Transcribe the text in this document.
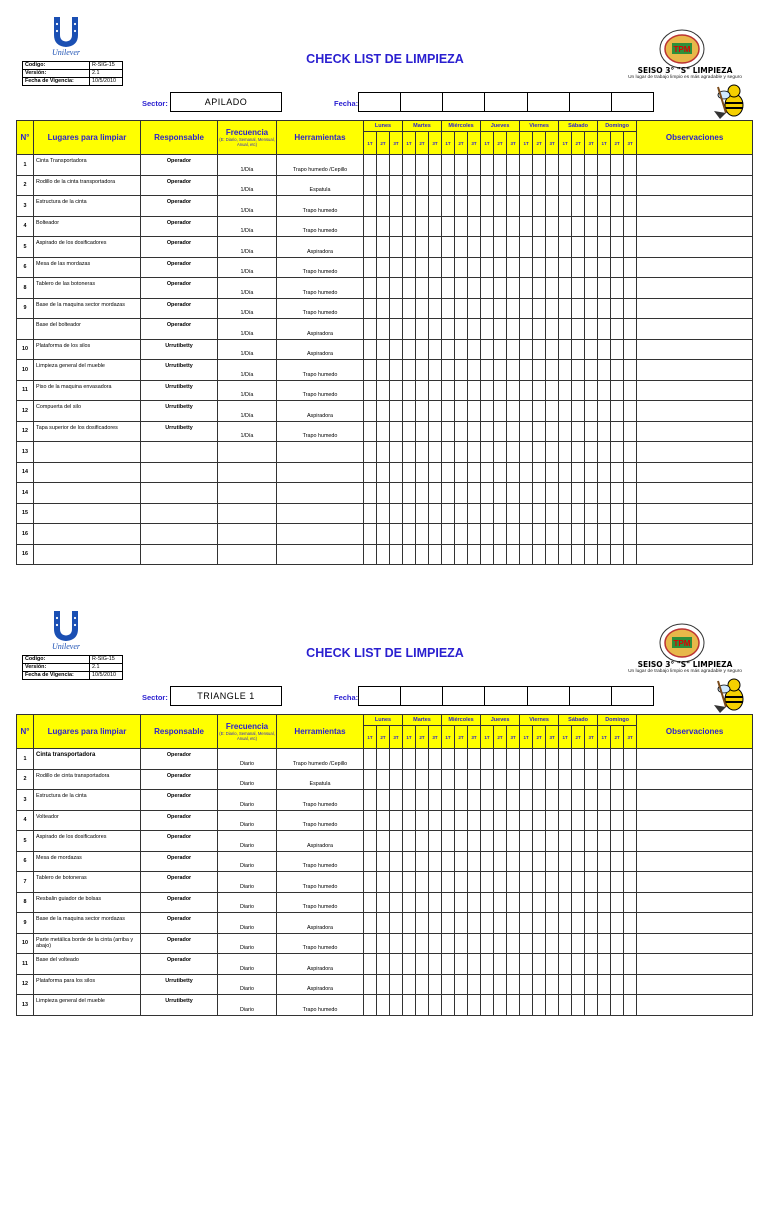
Unilever
Codigo:	R-SIG-15
Versión:	2.1
Fecha de Vigencia:	10/5/2010
CHECK LIST DE LIMPIEZA
TPM
SEISO 3° "S" LIMPIEZA
Un lugar de trabajo limpio es más agradable y seguro
Sector:	APILADO	Fecha:
N°	Lugares para limpiar	Responsable	Frecuencia
(E: Diario, Semanal, Mensual, Anual, etc)	Herramientas	Lunes			Martes			Miércoles			Jueves			Viernes			Sábado			Domingo			Observaciones
					1T	2T	3T	1T	2T	3T	1T	2T	3T	1T	2T	3T	1T	2T	3T	1T	2T	3T	1T	2T	3T	
1	Cinta Transportadora	Operador	1/Día	Trapo humedo /Cepillo																						
2	Rodillo de la cinta transportadora	Operador	1/Día	Espatula																						
3	Estructura de la cinta	Operador	1/Día	Trapo humedo																						
4	Bolteador	Operador	1/Día	Trapo humedo																						
5	Aspirado de los dosificadores	Operador	1/Día	Aspiradora																						
6	Mesa de las mordazas	Operador	1/Día	Trapo humedo																						
8	Tablero de las botoneras	Operador	1/Día	Trapo humedo																						
9	Base de la maquina sector mordazas	Operador	1/Día	Trapo humedo																						
	Base del bolteador	Operador	1/Día	Aspiradora																						
10	Plataforma de los silos	Urrutibetty	1/Día	Aspiradora																						
10	Limpieza general del mueble	Urrutibetty	1/Día	Trapo humedo																						
11	Piso de la maquina envasadora	Urrutibetty	1/Día	Trapo humedo																						
12	Compuerta del silo	Urrutibetty	1/Día	Aspiradora																						
12	Tapa superior de los dosificadores	Urrutibetty	1/Día	Trapo humedo																						
13																										
14																										
14																										
15																										
16																										
16																										
Unilever
Codigo:	R-SIG-15
Versión:	2.1
Fecha de Vigencia:	10/5/2010
CHECK LIST DE LIMPIEZA
TPM
SEISO 3° "S" LIMPIEZA
Un lugar de trabajo limpio es más agradable y seguro
Sector:	TRIANGLE 1	Fecha:
N°	Lugares para limpiar	Responsable	Frecuencia
(E: Diario, Semanal, Mensual, Anual, etc)	Herramientas	Lunes			Martes			Miércoles			Jueves			Viernes			Sábado			Domingo			Observaciones
					1T	2T	3T	1T	2T	3T	1T	2T	3T	1T	2T	3T	1T	2T	3T	1T	2T	3T	1T	2T	3T	
1	Cinta transportadora	Operador	Diario	Trapo humedo /Cepillo																						
2	Rodillo de cinta transportadora	Operador	Diario	Espatula																						
3	Estructura de la cinta	Operador	Diario	Trapo humedo																						
4	Volteador	Operador	Diario	Trapo humedo																						
5	Aspirado de los dosificadores	Operador	Diario	Aspiradora																						
6	Mesa de mordazas	Operador	Diario	Trapo humedo																						
7	Tablero de botoneras	Operador	Diario	Trapo humedo																						
8	Resbalin guiador de bolsas	Operador	Diario	Trapo humedo																						
9	Base de la maquina sector mordazas	Operador	Diario	Aspiradora																						
10	Parte metálica borde de la cinta (arriba y abajo)	Operador	Diario	Trapo humedo																						
11	Base del volteado	Operador	Diario	Aspiradora																						
12	Plataforma para los silos	Urrutibetty	Diario	Aspiradora																						
13	Limpieza general del mueble	Urrutibetty	Diario	Trapo humedo																						
